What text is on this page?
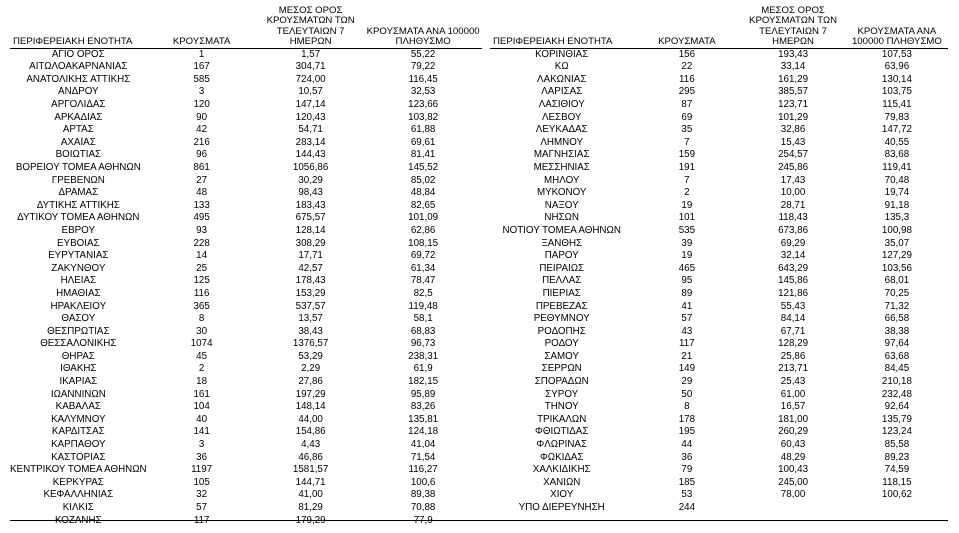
ΠΕΡΙΦΕΡΕΙΑΚΗ ΕΝΟΤΗΤΑ	ΚΡΟΥΣΜΑΤΑ	ΜΕΣΟΣ ΟΡΟΣ ΚΡΟΥΣΜΑΤΩΝ ΤΩΝ ΤΕΛΕΥΤΑΙΩΝ 7 ΗΜΕΡΩΝ	ΚΡΟΥΣΜΑΤΑ ΑΝΑ 100000 ΠΛΗΘΥΣΜΟ
ΑΓΙΟ ΟΡΟΣ	1	1,57	55,22
ΑΙΤΩΛΟΑΚΑΡΝΑΝΙΑΣ	167	304,71	79,22
ΑΝΑΤΟΛΙΚΗΣ ΑΤΤΙΚΗΣ	585	724,00	116,45
ΑΝΔΡΟΥ	3	10,57	32,53
ΑΡΓΟΛΙΔΑΣ	120	147,14	123,66
ΑΡΚΑΔΙΑΣ	90	120,43	103,82
ΑΡΤΑΣ	42	54,71	61,88
ΑΧΑΪΑΣ	216	283,14	69,61
ΒΟΙΩΤΙΑΣ	96	144,43	81,41
ΒΟΡΕΙΟΥ ΤΟΜΕΑ ΑΘΗΝΩΝ	861	1056,86	145,52
ΓΡΕΒΕΝΩΝ	27	30,29	85,02
ΔΡΑΜΑΣ	48	98,43	48,84
ΔΥΤΙΚΗΣ ΑΤΤΙΚΗΣ	133	183,43	82,65
ΔΥΤΙΚΟΥ ΤΟΜΕΑ ΑΘΗΝΩΝ	495	675,57	101,09
ΕΒΡΟΥ	93	128,14	62,86
ΕΥΒΟΙΑΣ	228	308,29	108,15
ΕΥΡΥΤΑΝΙΑΣ	14	17,71	69,72
ΖΑΚΥΝΘΟΥ	25	42,57	61,34
ΗΛΕΙΑΣ	125	178,43	78,47
ΗΜΑΘΙΑΣ	116	153,29	82,5
ΗΡΑΚΛΕΙΟΥ	365	537,57	119,48
ΘΑΣΟΥ	8	13,57	58,1
ΘΕΣΠΡΩΤΙΑΣ	30	38,43	68,83
ΘΕΣΣΑΛΟΝΙΚΗΣ	1074	1376,57	96,73
ΘΗΡΑΣ	45	53,29	238,31
ΙΘΑΚΗΣ	2	2,29	61,9
ΙΚΑΡΙΑΣ	18	27,86	182,15
ΙΩΑΝΝΙΝΩΝ	161	197,29	95,89
ΚΑΒΑΛΑΣ	104	148,14	83,26
ΚΑΛΥΜΝΟΥ	40	44,00	135,81
ΚΑΡΔΙΤΣΑΣ	141	154,86	124,18
ΚΑΡΠΑΘΟΥ	3	4,43	41,04
ΚΑΣΤΟΡΙΑΣ	36	46,86	71,54
ΚΕΝΤΡΙΚΟΥ ΤΟΜΕΑ ΑΘΗΝΩΝ	1197	1581,57	116,27
ΚΕΡΚΥΡΑΣ	105	144,71	100,6
ΚΕΦΑΛΛΗΝΙΑΣ	32	41,00	89,38
ΚΙΛΚΙΣ	57	81,29	70,88
ΚΟΖΑΝΗΣ	117	179,29	77,9
ΠΕΡΙΦΕΡΕΙΑΚΗ ΕΝΟΤΗΤΑ	ΚΡΟΥΣΜΑΤΑ	ΜΕΣΟΣ ΟΡΟΣ ΚΡΟΥΣΜΑΤΩΝ ΤΩΝ ΤΕΛΕΥΤΑΙΩΝ 7 ΗΜΕΡΩΝ	ΚΡΟΥΣΜΑΤΑ ΑΝΑ 100000 ΠΛΗΘΥΣΜΟ
ΚΟΡΙΝΘΙΑΣ	156	193,43	107,53
ΚΩ	22	33,14	63,96
ΛΑΚΩΝΙΑΣ	116	161,29	130,14
ΛΑΡΙΣΑΣ	295	385,57	103,75
ΛΑΣΙΘΙΟΥ	87	123,71	115,41
ΛΕΣΒΟΥ	69	101,29	79,83
ΛΕΥΚΑΔΑΣ	35	32,86	147,72
ΛΗΜΝΟΥ	7	15,43	40,55
ΜΑΓΝΗΣΙΑΣ	159	254,57	83,68
ΜΕΣΣΗΝΙΑΣ	191	245,86	119,41
ΜΗΛΟΥ	7	17,43	70,48
ΜΥΚΟΝΟΥ	2	10,00	19,74
ΝΑΞΟΥ	19	28,71	91,18
ΝΗΣΩΝ	101	118,43	135,3
ΝΟΤΙΟΥ ΤΟΜΕΑ ΑΘΗΝΩΝ	535	673,86	100,98
ΞΑΝΘΗΣ	39	69,29	35,07
ΠΑΡΟΥ	19	32,14	127,29
ΠΕΙΡΑΙΩΣ	465	643,29	103,56
ΠΕΛΛΑΣ	95	145,86	68,01
ΠΙΕΡΙΑΣ	89	121,86	70,25
ΠΡΕΒΕΖΑΣ	41	55,43	71,32
ΡΕΘΥΜΝΟΥ	57	84,14	66,58
ΡΟΔΟΠΗΣ	43	67,71	38,38
ΡΟΔΟΥ	117	128,29	97,64
ΣΑΜΟΥ	21	25,86	63,68
ΣΕΡΡΩΝ	149	213,71	84,45
ΣΠΟΡΑΔΩΝ	29	25,43	210,18
ΣΥΡΟΥ	50	61,00	232,48
ΤΗΝΟΥ	8	16,57	92,64
ΤΡΙΚΑΛΩΝ	178	181,00	135,79
ΦΘΙΩΤΙΔΑΣ	195	260,29	123,24
ΦΛΩΡΙΝΑΣ	44	60,43	85,58
ΦΩΚΙΔΑΣ	36	48,29	89,23
ΧΑΛΚΙΔΙΚΗΣ	79	100,43	74,59
ΧΑΝΙΩΝ	185	245,00	118,15
ΧΙΟΥ	53	78,00	100,62
ΥΠΟ ΔΙΕΡΕΥΝΗΣΗ	244		
